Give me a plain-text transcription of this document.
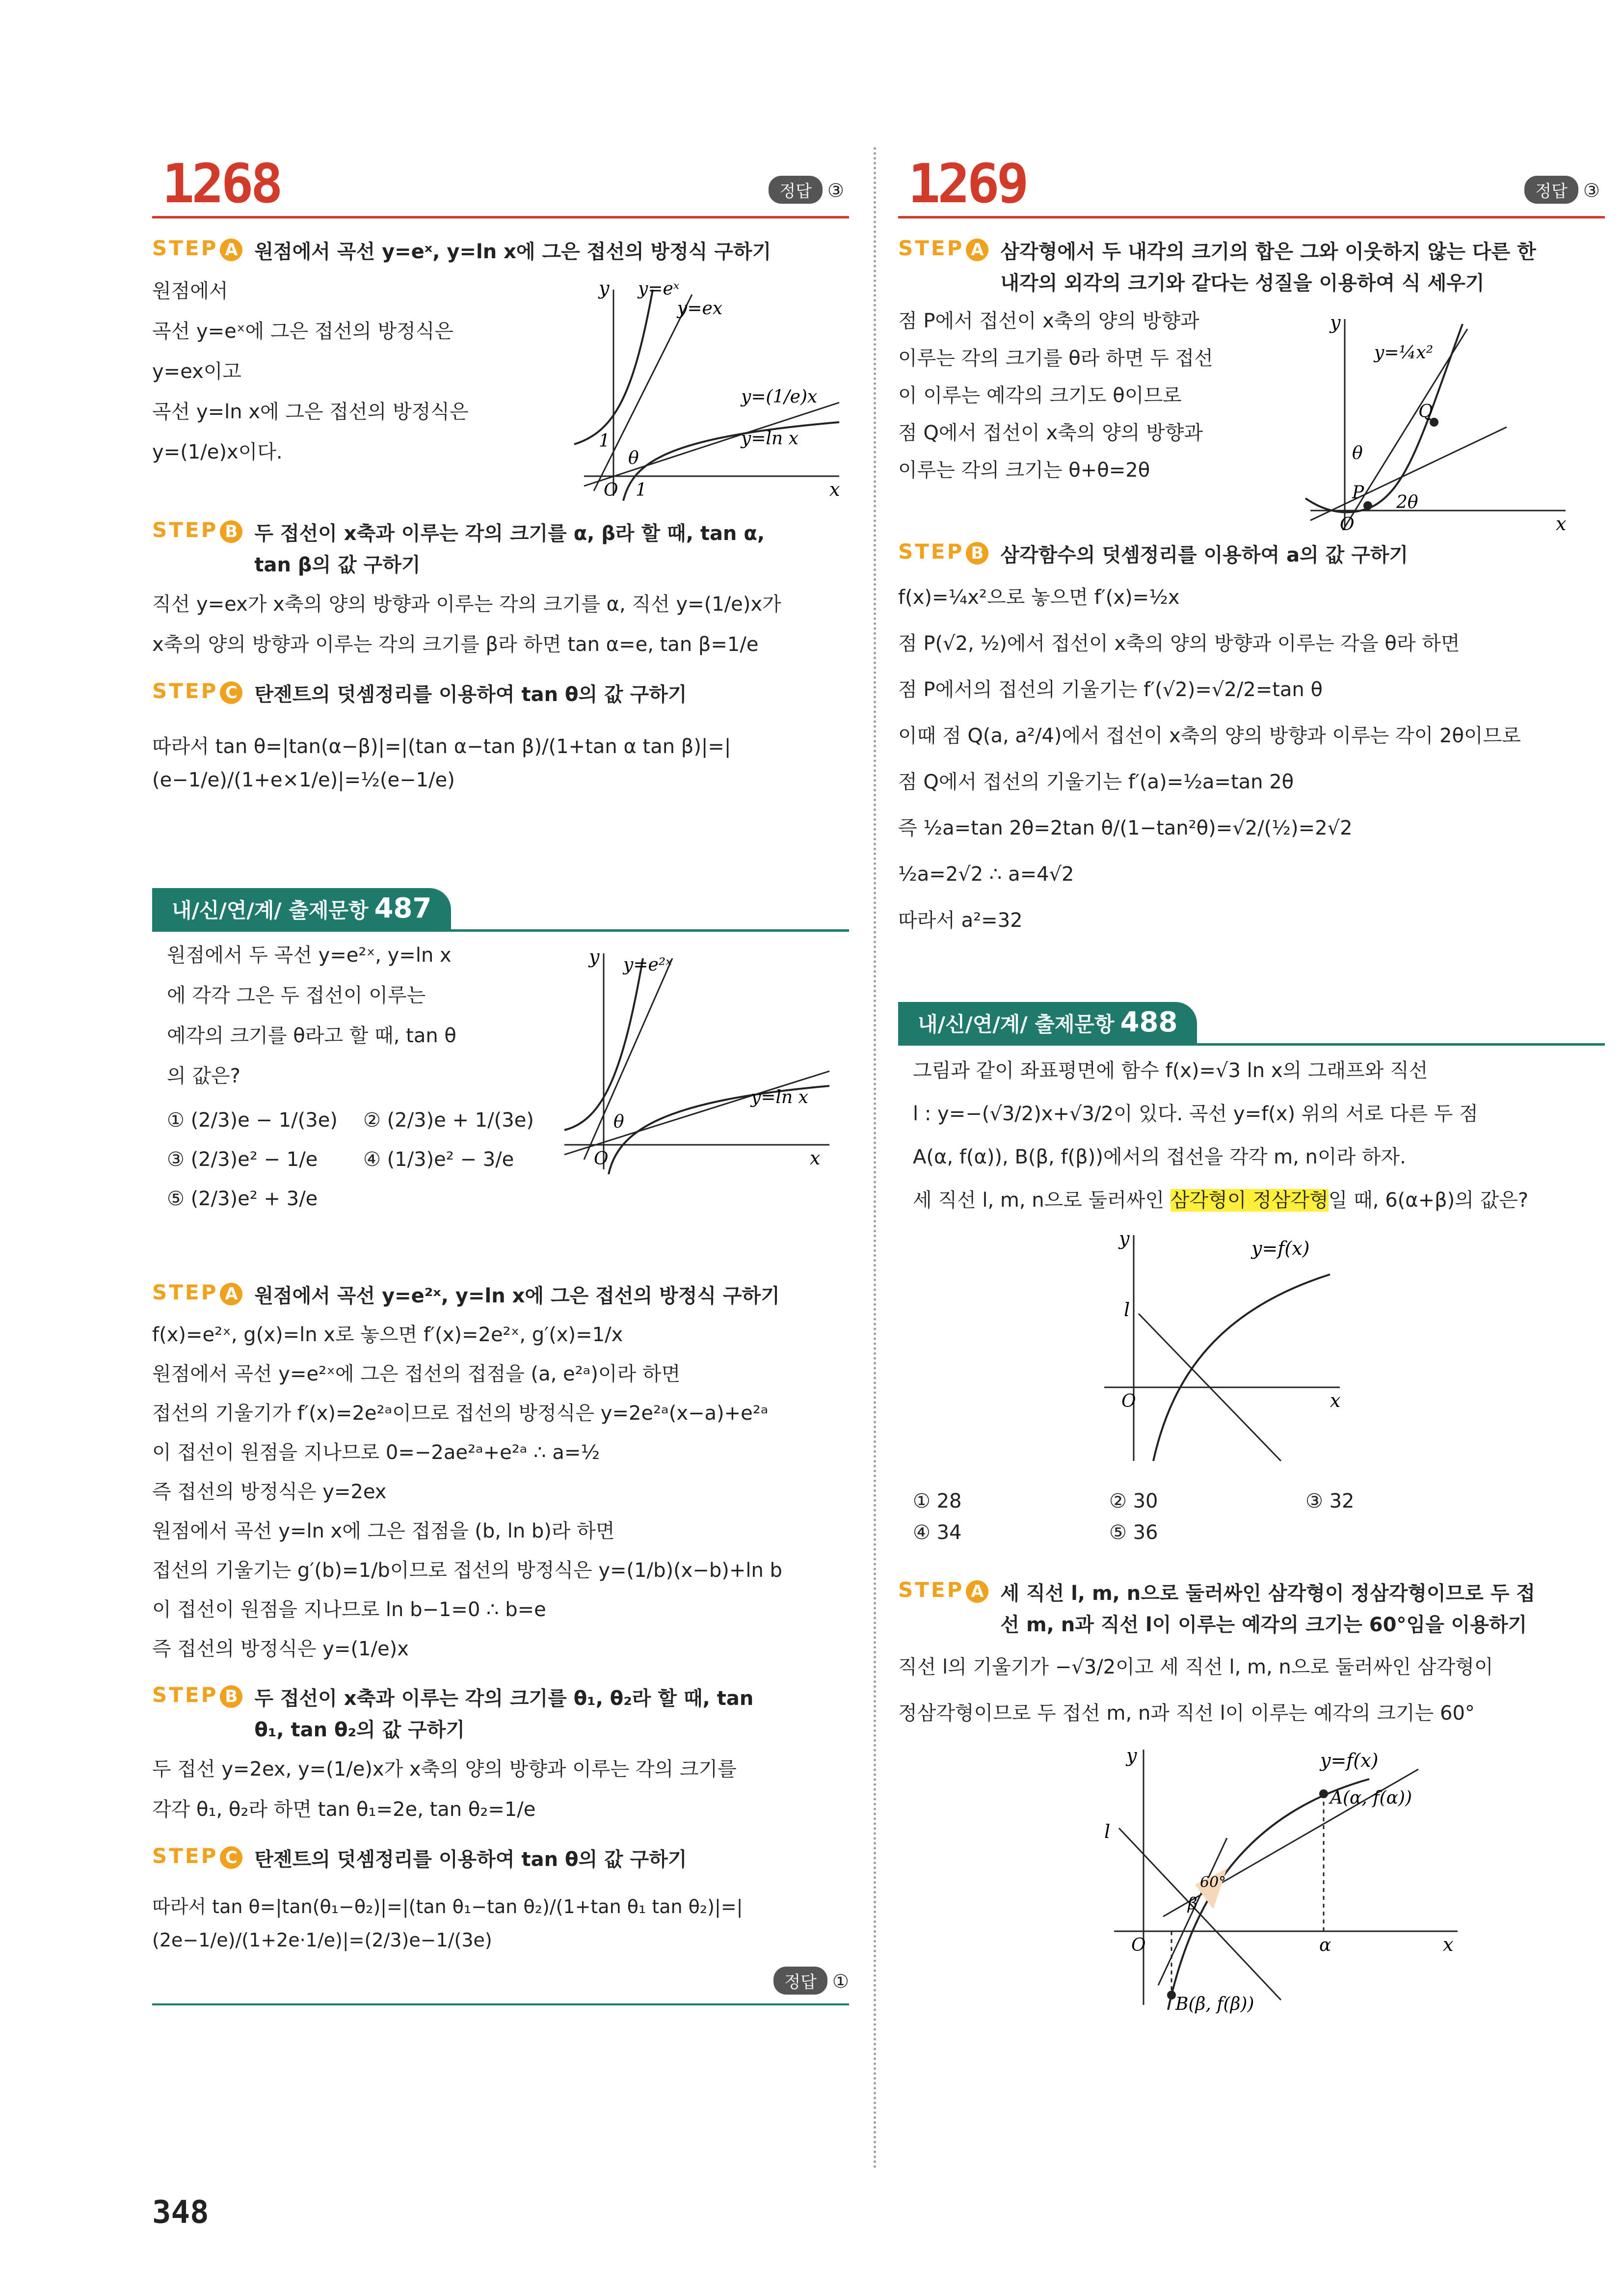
1268	정답 ③
STEP A 원점에서 곡선 y=eˣ, y=ln x에 그은 접선의 방정식 구하기

원점에서

곡선 y=eˣ에 그은 접선의 방정식은

y=ex이고

곡선 y=ln x에 그은 접선의 방정식은

y=(1/e)x이다.

y
x
O 1
1
θ
y=eˣ
y=ex
y=(1/e)x
y=ln x
STEP B 두 접선이 x축과 이루는 각의 크기를 α, β라 할 때, tan α, tan β의 값 구하기

직선 y=ex가 x축의 양의 방향과 이루는 각의 크기를 α, 직선 y=(1/e)x가

x축의 양의 방향과 이루는 각의 크기를 β라 하면 tan α=e, tan β=1/e

STEP C 탄젠트의 덧셈정리를 이용하여 tan θ의 값 구하기

따라서 tan θ=|tan(α−β)|=|(tan α−tan β)/(1+tan α tan β)|=|(e−1/e)/(1+e×1/e)|=½(e−1/e)

내/신/연/계/ 출제문항 487

원점에서 두 곡선 y=e²ˣ, y=ln x

에 각각 그은 두 접선이 이루는

예각의 크기를 θ라고 할 때, tan θ

의 값은?

① (2/3)e − 1/(3e)	② (2/3)e + 1/(3e)
③ (2/3)e² − 1/e	④ (1/3)e² − 3/e
⑤ (2/3)e² + 3/e
y
x
O
θ
y=e²ˣ
y=ln x
STEP A 원점에서 곡선 y=e²ˣ, y=ln x에 그은 접선의 방정식 구하기

f(x)=e²ˣ, g(x)=ln x로 놓으면 f′(x)=2e²ˣ, g′(x)=1/x

원점에서 곡선 y=e²ˣ에 그은 접선의 접점을 (a, e²ᵃ)이라 하면

접선의 기울기가 f′(x)=2e²ᵃ이므로 접선의 방정식은 y=2e²ᵃ(x−a)+e²ᵃ

이 접선이 원점을 지나므로 0=−2ae²ᵃ+e²ᵃ ∴ a=½

즉 접선의 방정식은 y=2ex

원점에서 곡선 y=ln x에 그은 접점을 (b, ln b)라 하면

접선의 기울기는 g′(b)=1/b이므로 접선의 방정식은 y=(1/b)(x−b)+ln b

이 접선이 원점을 지나므로 ln b−1=0 ∴ b=e

즉 접선의 방정식은 y=(1/e)x

STEP B 두 접선이 x축과 이루는 각의 크기를 θ₁, θ₂라 할 때, tan θ₁, tan θ₂의 값 구하기

두 접선 y=2ex, y=(1/e)x가 x축의 양의 방향과 이루는 각의 크기를

각각 θ₁, θ₂라 하면 tan θ₁=2e, tan θ₂=1/e

STEP C 탄젠트의 덧셈정리를 이용하여 tan θ의 값 구하기

따라서 tan θ=|tan(θ₁−θ₂)|=|(tan θ₁−tan θ₂)/(1+tan θ₁ tan θ₂)|=|(2e−1/e)/(1+2e·1/e)|=(2/3)e−1/(3e)

정답 ①
1269	정답 ③
STEP A 삼각형에서 두 내각의 크기의 합은 그와 이웃하지 않는 다른 한 내각의 외각의 크기와 같다는 성질을 이용하여 식 세우기

점 P에서 접선이 x축의 양의 방향과

이루는 각의 크기를 θ라 하면 두 접선

이 이루는 예각의 크기도 θ이므로

점 Q에서 접선이 x축의 양의 방향과

이루는 각의 크기는 θ+θ=2θ

y
x
O
P
Q
θ
2θ
y=¼x²
STEP B 삼각함수의 덧셈정리를 이용하여 a의 값 구하기

f(x)=¼x²으로 놓으면 f′(x)=½x

점 P(√2, ½)에서 접선이 x축의 양의 방향과 이루는 각을 θ라 하면

점 P에서의 접선의 기울기는 f′(√2)=√2/2=tan θ

이때 점 Q(a, a²/4)에서 접선이 x축의 양의 방향과 이루는 각이 2θ이므로

점 Q에서 접선의 기울기는 f′(a)=½a=tan 2θ

즉 ½a=tan 2θ=2tan θ/(1−tan²θ)=√2/(½)=2√2

½a=2√2 ∴ a=4√2

따라서 a²=32

내/신/연/계/ 출제문항 488

그림과 같이 좌표평면에 함수 f(x)=√3 ln x의 그래프와 직선

l : y=−(√3/2)x+√3/2이 있다. 곡선 y=f(x) 위의 서로 다른 두 점

A(α, f(α)), B(β, f(β))에서의 접선을 각각 m, n이라 하자.

세 직선 l, m, n으로 둘러싸인 삼각형이 정삼각형일 때, 6(α+β)의 값은?

y
x
O
l
y=f(x)
① 28	② 30	③ 32
④ 34	⑤ 36
STEP A 세 직선 l, m, n으로 둘러싸인 삼각형이 정삼각형이므로 두 접선 m, n과 직선 l이 이루는 예각의 크기는 60°임을 이용하기

직선 l의 기울기가 −√3/2이고 세 직선 l, m, n으로 둘러싸인 삼각형이

정삼각형이므로 두 접선 m, n과 직선 l이 이루는 예각의 크기는 60°

y
x
O
l
y=f(x)
A(α, f(α))
B(β, f(β))
α
β
60°
348
